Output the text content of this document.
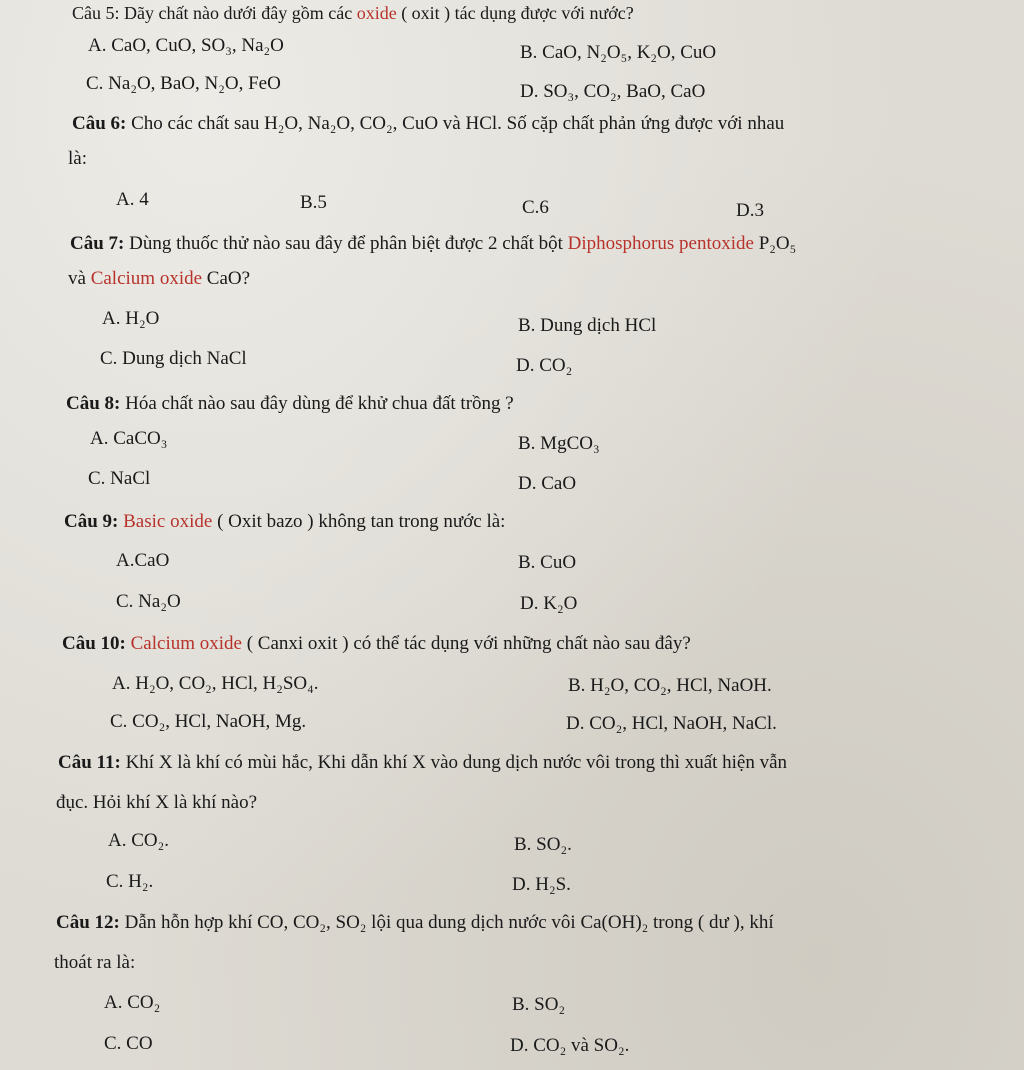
Câu 5: Dãy chất nào dưới đây gồm các oxide ( oxit ) tác dụng được với nước?
A. CaO, CuO, SO₃, Na₂O	B. CaO, N₂O₅, K₂O, CuO
C. Na₂O, BaO, N₂O, FeO	D. SO₃, CO₂, BaO, CaO
Câu 6: Cho các chất sau H₂O, Na₂O, CO₂, CuO và HCl. Số cặp chất phản ứng được với nhau
là:
A. 4	B.5	C.6	D.3
Câu 7: Dùng thuốc thử nào sau đây để phân biệt được 2 chất bột Diphosphorus pentoxide P₂O₅
và Calcium oxide CaO?
A. H₂O	B. Dung dịch HCl
C. Dung dịch NaCl	D. CO₂
Câu 8: Hóa chất nào sau đây dùng để khử chua đất trồng ?
A. CaCO₃	B. MgCO₃
C. NaCl	D. CaO
Câu 9: Basic oxide ( Oxit bazo ) không tan trong nước là:
A.CaO	B. CuO
C. Na₂O	D. K₂O
Câu 10: Calcium oxide ( Canxi oxit ) có thể tác dụng với những chất nào sau đây?
A. H₂O, CO₂, HCl, H₂SO₄.	B. H₂O, CO₂, HCl, NaOH.
C. CO₂, HCl, NaOH, Mg.	D. CO₂, HCl, NaOH, NaCl.
Câu 11: Khí X là khí có mùi hắc, Khi dẫn khí X vào dung dịch nước vôi trong thì xuất hiện vẫn
đục. Hỏi khí X là khí nào?
A. CO₂.	B. SO₂.
C. H₂.	D. H₂S.
Câu 12: Dẫn hỗn hợp khí CO, CO₂, SO₂ lội qua dung dịch nước vôi Ca(OH)₂ trong ( dư ), khí
thoát ra là:
A. CO₂	B. SO₂
C. CO	D. CO₂ và SO₂.
